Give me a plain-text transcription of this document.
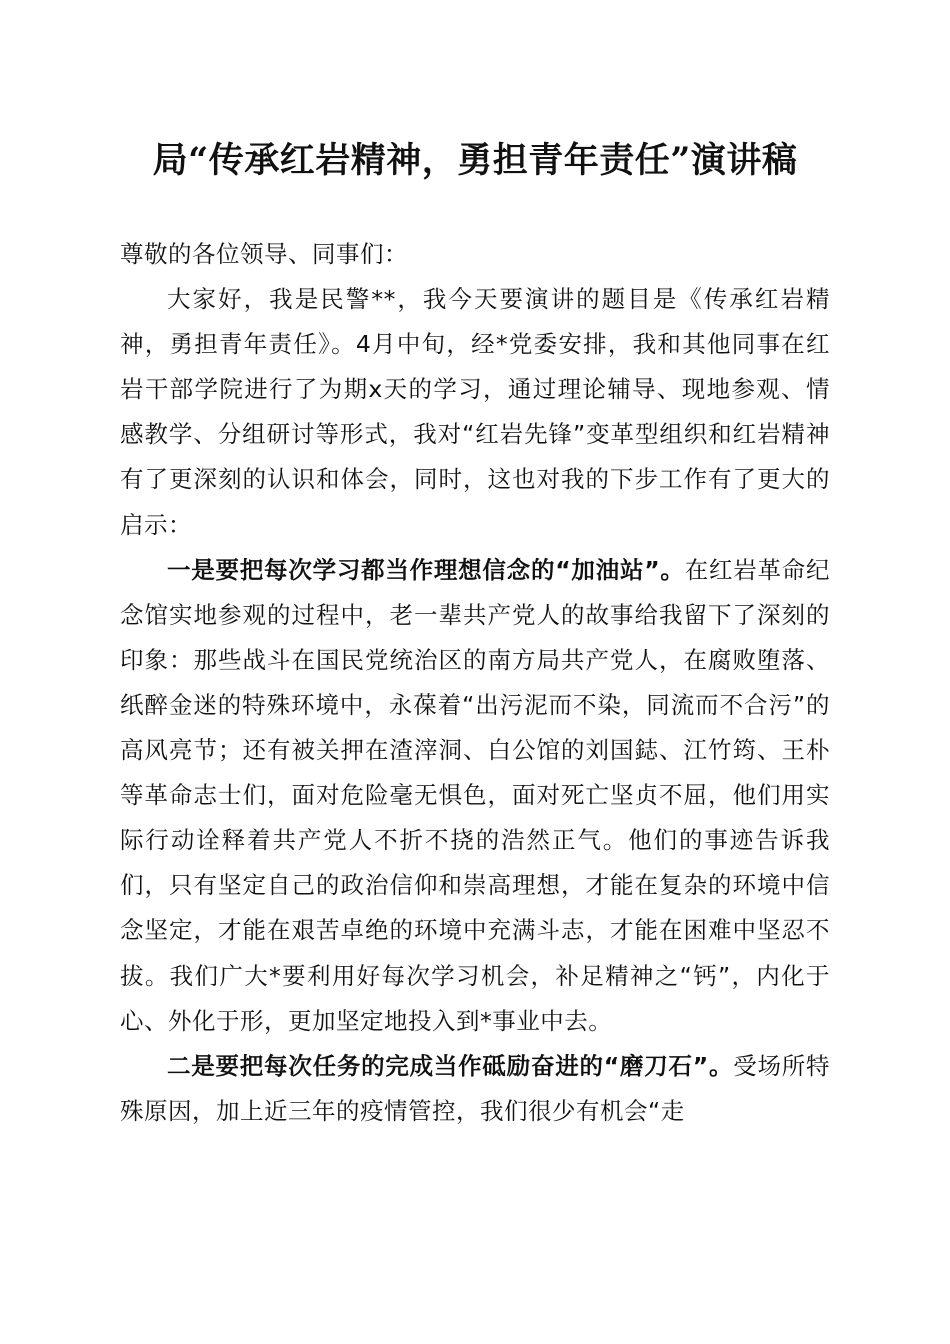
局“传承红岩精神，勇担青年责任”演讲稿

尊敬的各位领导、同事们：

大家好，我是民警**，我今天要演讲的题目是《传承红岩精神，勇担青年责任》。4月中旬，经*党委安排，我和其他同事在红岩干部学院进行了为期x天的学习，通过理论辅导、现地参观、情感教学、分组研讨等形式，我对“红岩先锋”变革型组织和红岩精神有了更深刻的认识和体会，同时，这也对我的下步工作有了更大的启示：

一是要把每次学习都当作理想信念的“加油站”。在红岩革命纪念馆实地参观的过程中，老一辈共产党人的故事给我留下了深刻的印象：那些战斗在国民党统治区的南方局共产党人，在腐败堕落、纸醉金迷的特殊环境中，永葆着“出污泥而不染，同流而不合污”的高风亮节；还有被关押在渣滓洞、白公馆的刘国鋕、江竹筠、王朴等革命志士们，面对危险毫无惧色，面对死亡坚贞不屈，他们用实际行动诠释着共产党人不折不挠的浩然正气。他们的事迹告诉我们，只有坚定自己的政治信仰和崇高理想，才能在复杂的环境中信念坚定，才能在艰苦卓绝的环境中充满斗志，才能在困难中坚忍不拔。我们广大*要利用好每次学习机会，补足精神之“钙”，内化于心、外化于形，更加坚定地投入到*事业中去。

二是要把每次任务的完成当作砥励奋进的“磨刀石”。受场所特殊原因，加上近三年的疫情管控，我们很少有机会“走
